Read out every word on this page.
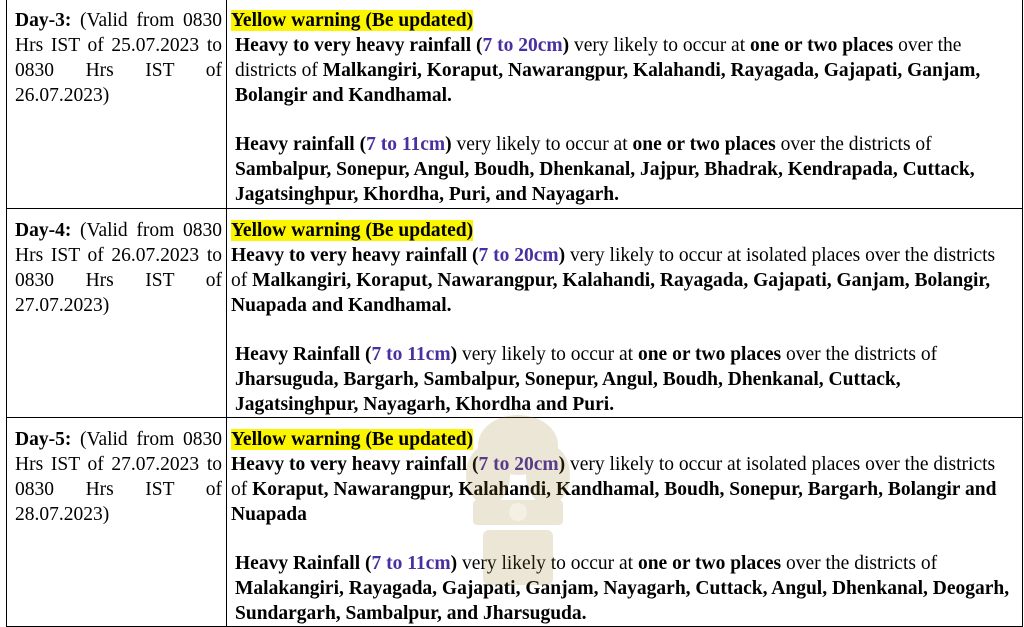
Day-3: (Valid from 0830 Hrs IST of 25.07.2023 to 0830 Hrs IST of 26.07.2023)	Yellow warning (Be updated)

Heavy to very heavy rainfall (7 to 20cm) very likely to occur at one or two places over the districts of Malkangiri, Koraput, Nawarangpur, Kalahandi, Rayagada, Gajapati, Ganjam, Bolangir and Kandhamal.

Heavy rainfall (7 to 11cm) very likely to occur at one or two places over the districts of Sambalpur, Sonepur, Angul, Boudh, Dhenkanal, Jajpur, Bhadrak, Kendrapada, Cuttack, Jagatsinghpur, Khordha, Puri, and Nayagarh.

Day-4: (Valid from 0830 Hrs IST of 26.07.2023 to 0830 Hrs IST of 27.07.2023)	Yellow warning (Be updated)

Heavy to very heavy rainfall (7 to 20cm) very likely to occur at isolated places over the districts of Malkangiri, Koraput, Nawarangpur, Kalahandi, Rayagada, Gajapati, Ganjam, Bolangir, Nuapada and Kandhamal.

Heavy Rainfall (7 to 11cm) very likely to occur at one or two places over the districts of Jharsuguda, Bargarh, Sambalpur, Sonepur, Angul, Boudh, Dhenkanal, Cuttack, Jagatsinghpur, Nayagarh, Khordha and Puri.

Day-5: (Valid from 0830 Hrs IST of 27.07.2023 to 0830 Hrs IST of 28.07.2023)	Yellow warning (Be updated)

Heavy to very heavy rainfall (7 to 20cm) very likely to occur at isolated places over the districts of Koraput, Nawarangpur, Kalahandi, Kandhamal, Boudh, Sonepur, Bargarh, Bolangir and Nuapada

Heavy Rainfall (7 to 11cm) very likely to occur at one or two places over the districts of Malakangiri, Rayagada, Gajapati, Ganjam, Nayagarh, Cuttack, Angul, Dhenkanal, Deogarh, Sundargarh, Sambalpur, and Jharsuguda.
